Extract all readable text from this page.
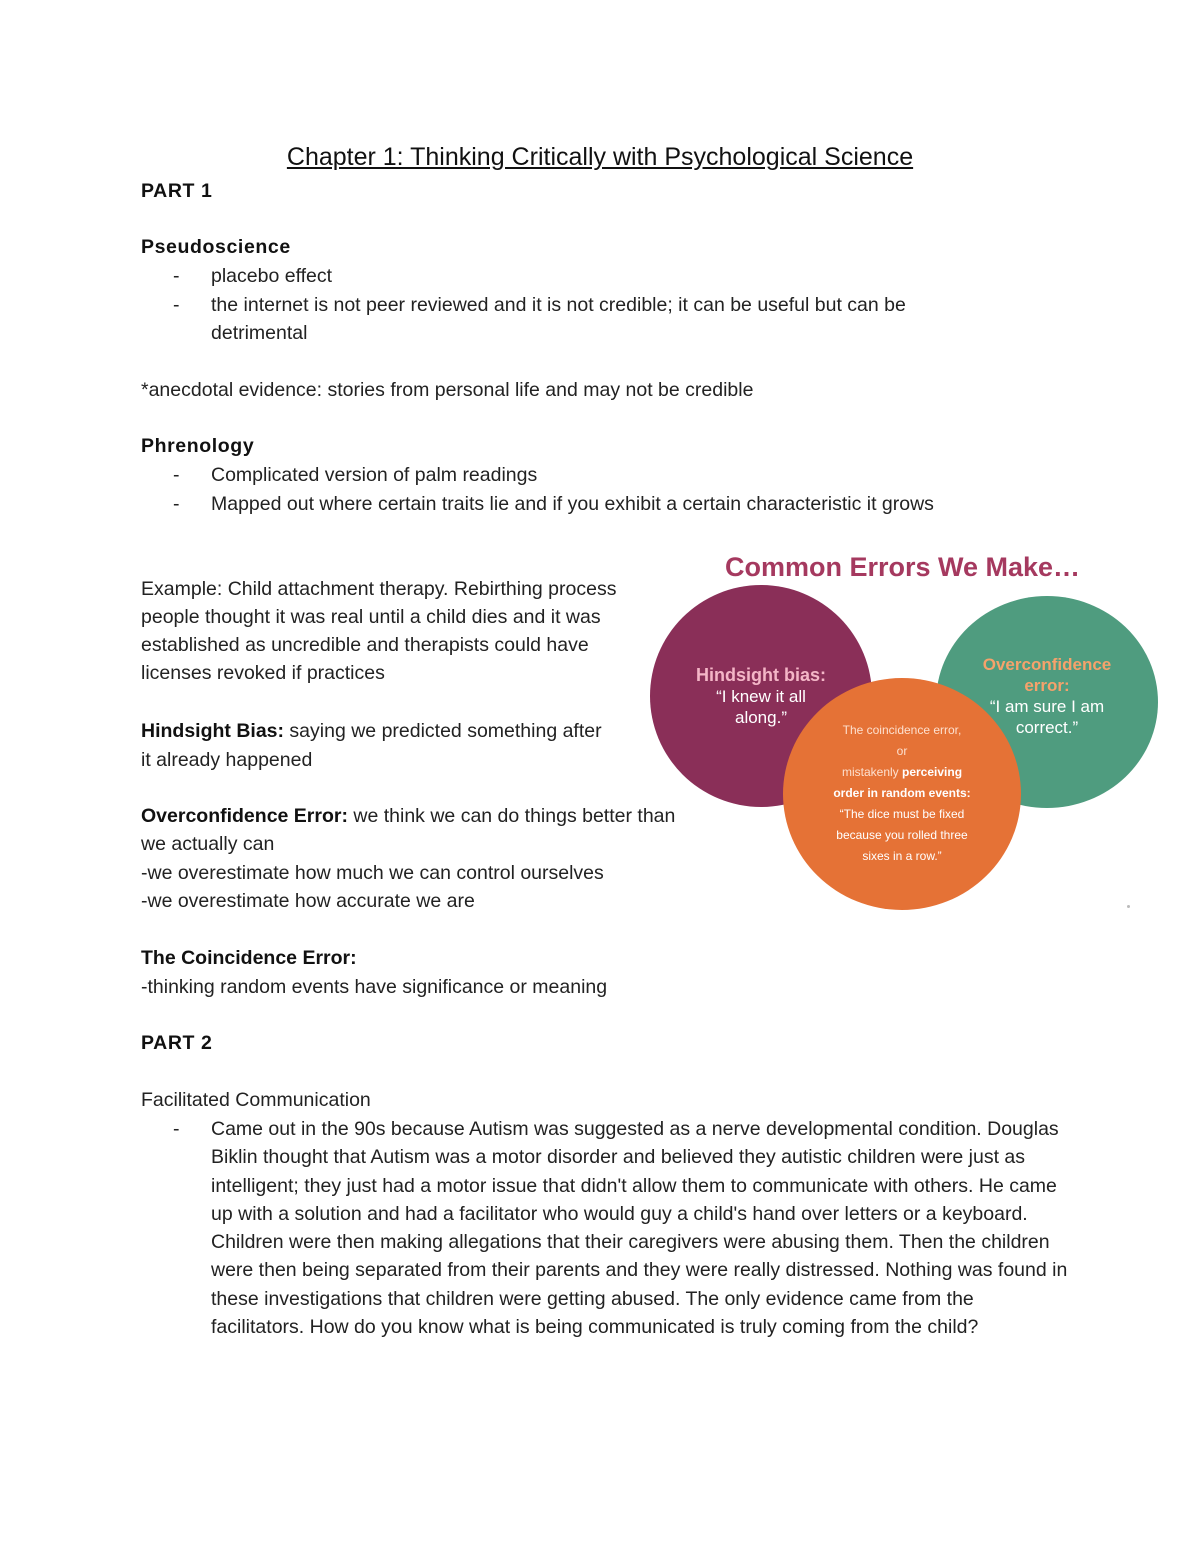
Chapter 1: Thinking Critically with Psychological Science
PART 1
Pseudoscience
- placebo effect
- the internet is not peer reviewed and it is not credible; it can be useful but can be
detrimental
*anecdotal evidence: stories from personal life and may not be credible
Phrenology
- Complicated version of palm readings
- Mapped out where certain traits lie and if you exhibit a certain characteristic it grows
Example: Child attachment therapy. Rebirthing process
people thought it was real until a child dies and it was
established as uncredible and therapists could have
licenses revoked if practices
Hindsight Bias: saying we predicted something after
it already happened
Overconfidence Error: we think we can do things better than
we actually can
-we overestimate how much we can control ourselves
-we overestimate how accurate we are
The Coincidence Error:
-thinking random events have significance or meaning
PART 2
Facilitated Communication
- Came out in the 90s because Autism was suggested as a nerve developmental condition. Douglas Biklin thought that Autism was a motor disorder and believed they autistic children were just as intelligent; they just had a motor issue that didn't allow them to communicate with others. He came up with a solution and had a facilitator who would guy a child's hand over letters or a keyboard. Children were then making allegations that their caregivers were abusing them. Then the children were then being separated from their parents and they were really distressed. Nothing was found in these investigations that children were getting abused. The only evidence came from the facilitators. How do you know what is being communicated is truly coming from the child?
Common Errors We Make…
Hindsight bias:
“I knew it all
along.”
Overconfidence
error:
“I am sure I am
correct.”
The coincidence error,
or
mistakenly perceiving
order in random events:
“The dice must be fixed
because you rolled three
sixes in a row.”
